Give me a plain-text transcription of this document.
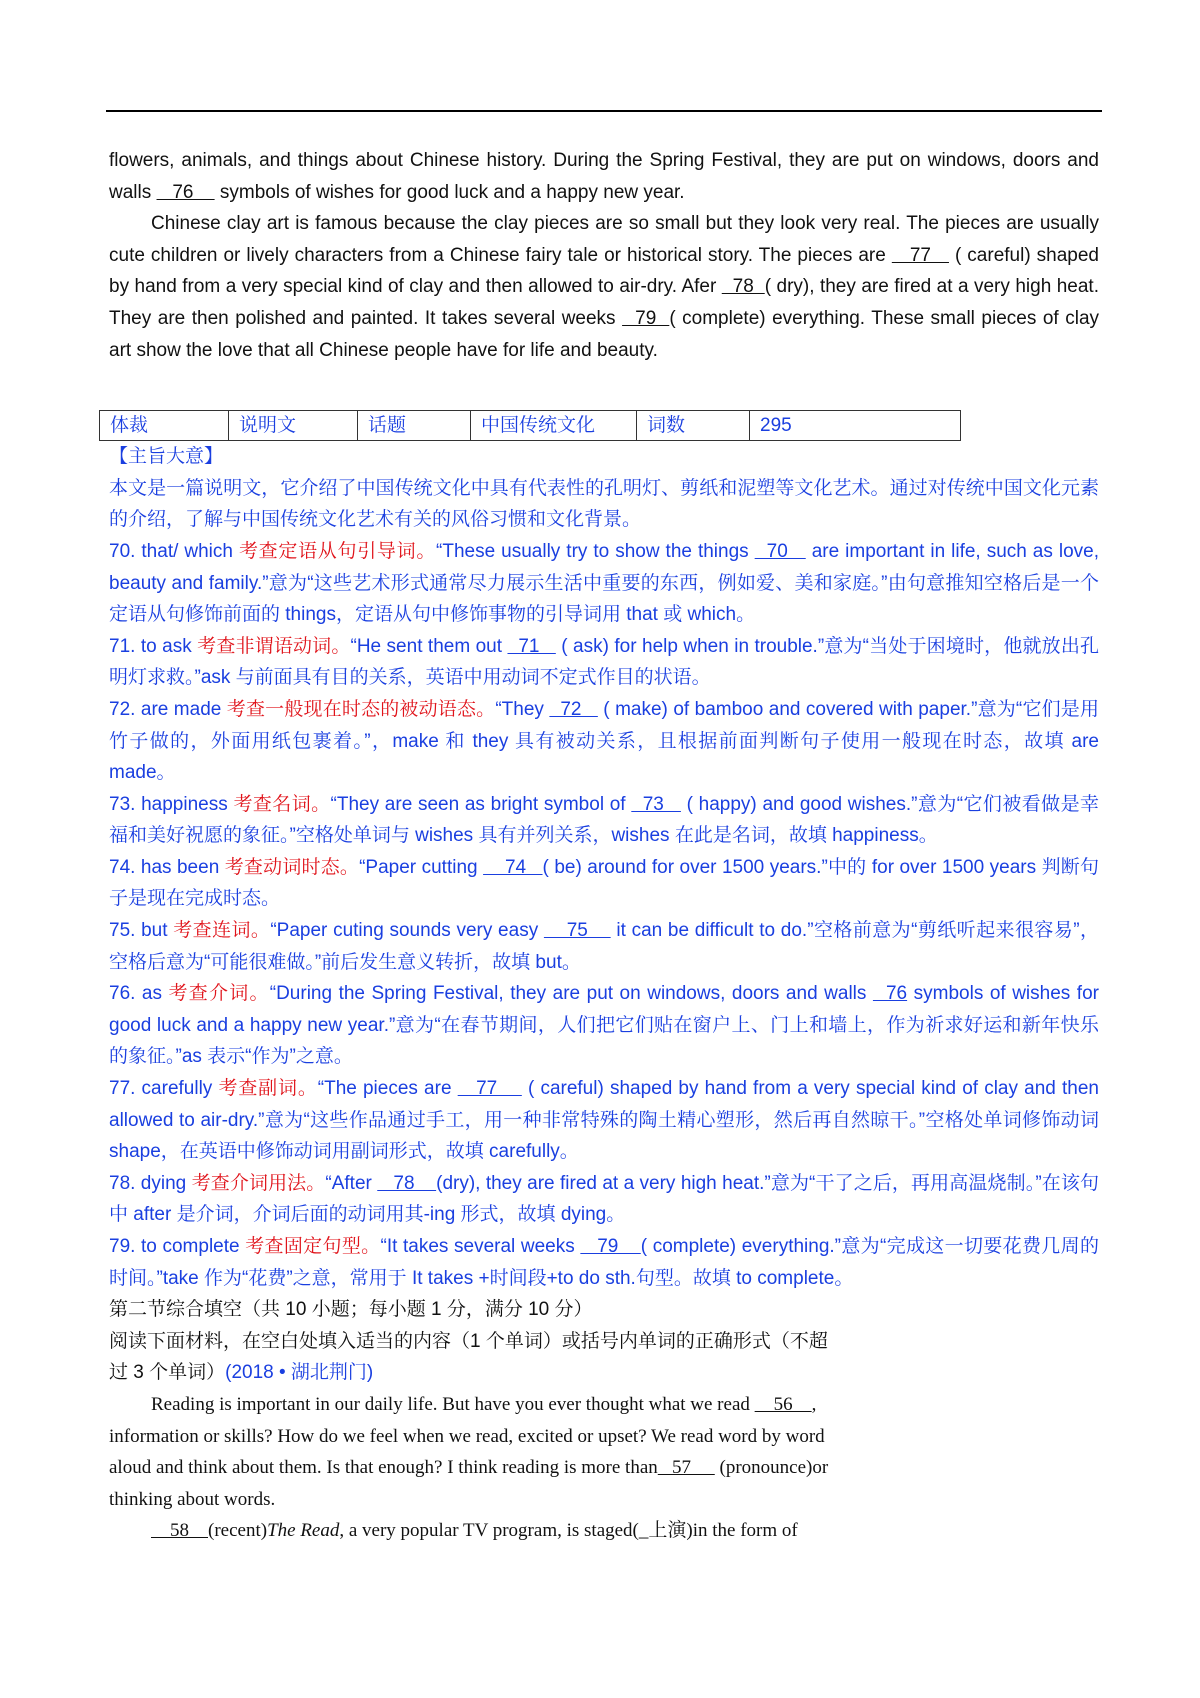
flowers, animals, and things about Chinese history. During the Spring Festival, they are put on windows, doors and walls    76     symbols of wishes for good luck and a happy new year.

Chinese clay art is famous because the clay pieces are so small but they look very real. The pieces are usually cute children or lively characters from a Chinese fairy tale or historical story. The pieces are    77    ( careful) shaped by hand from a very special kind of clay and then allowed to air-dry. Afer   78  ( dry), they are fired at a very high heat. They are then polished and painted. It takes several weeks   79  ( complete) everything. These small pieces of clay art show the love that all Chinese people have for life and beauty.

体裁	说明文	话题	中国传统文化	词数	295

【主旨大意】

本文是一篇说明文，它介绍了中国传统文化中具有代表性的孔明灯、剪纸和泥塑等文化艺术。通过对传统中国文化元素的介绍，了解与中国传统文化艺术有关的风俗习惯和文化背景。

70. that/ which 考查定语从句引导词。“These usually try to show the things   70    are important in life, such as love, beauty and family.”意为“这些艺术形式通常尽力展示生活中重要的东西，例如爱、美和家庭。”由句意推知空格后是一个定语从句修饰前面的 things，定语从句中修饰事物的引导词用 that 或 which。

71. to ask 考查非谓语动词。“He sent them out   71    ( ask) for help when in trouble.”意为“当处于困境时，他就放出孔明灯求救。”ask 与前面具有目的关系，英语中用动词不定式作目的状语。

72. are made 考查一般现在时态的被动语态。“They   72    ( make) of bamboo and covered with paper.”意为“它们是用竹子做的，外面用纸包裹着。”，make 和 they 具有被动关系，且根据前面判断句子使用一般现在时态，故填 are made。

73. happiness 考查名词。“They are seen as bright symbol of   73    ( happy) and good wishes.”意为“它们被看做是幸福和美好祝愿的象征。”空格处单词与 wishes 具有并列关系，wishes 在此是名词，故填 happiness。

74. has been 考查动词时态。“Paper cutting     74   ( be) around for over 1500 years.”中的 for over 1500 years 判断句子是现在完成时态。

75. but 考查连词。“Paper cuting sounds very easy     75     it can be difficult to do.”空格前意为“剪纸听起来很容易”，空格后意为“可能很难做。”前后发生意义转折，故填 but。

76. as 考查介词。“During the Spring Festival, they are put on windows, doors and walls   76 symbols of wishes for good luck and a happy new year.”意为“在春节期间，人们把它们贴在窗户上、门上和墙上，作为祈求好运和新年快乐的象征。”as 表示“作为”之意。

77. carefully 考查副词。“The pieces are    77     ( careful) shaped by hand from a very special kind of clay and then allowed to air-dry.”意为“这些作品通过手工，用一种非常特殊的陶土精心塑形，然后再自然晾干。”空格处单词修饰动词 shape，在英语中修饰动词用副词形式，故填 carefully。

78. dying 考查介词用法。“After    78    (dry), they are fired at a very high heat.”意为“干了之后，再用高温烧制。”在该句中 after 是介词，介词后面的动词用其-ing 形式，故填 dying。

79. to complete 考查固定句型。“It takes several weeks    79    ( complete) everything.”意为“完成这一切要花费几周的时间。”take 作为“花费”之意，常用于 It takes +时间段+to do sth.句型。故填 to complete。

第二节综合填空（共 10 小题；每小题 1 分，满分 10 分）

阅读下面材料，在空白处填入适当的内容（1 个单词）或括号内单词的正确形式（不超

过 3 个单词）(2018 • 湖北荆门)

Reading is important in our daily life. But have you ever thought what we read     56    ,

information or skills? How do we feel when we read, excited or upset? We read word by word

aloud and think about them. Is that enough? I think reading is more than   57      (pronounce)or

thinking about words.

58    (recent)The Read, a very popular TV program, is staged(_上演)in the form of
